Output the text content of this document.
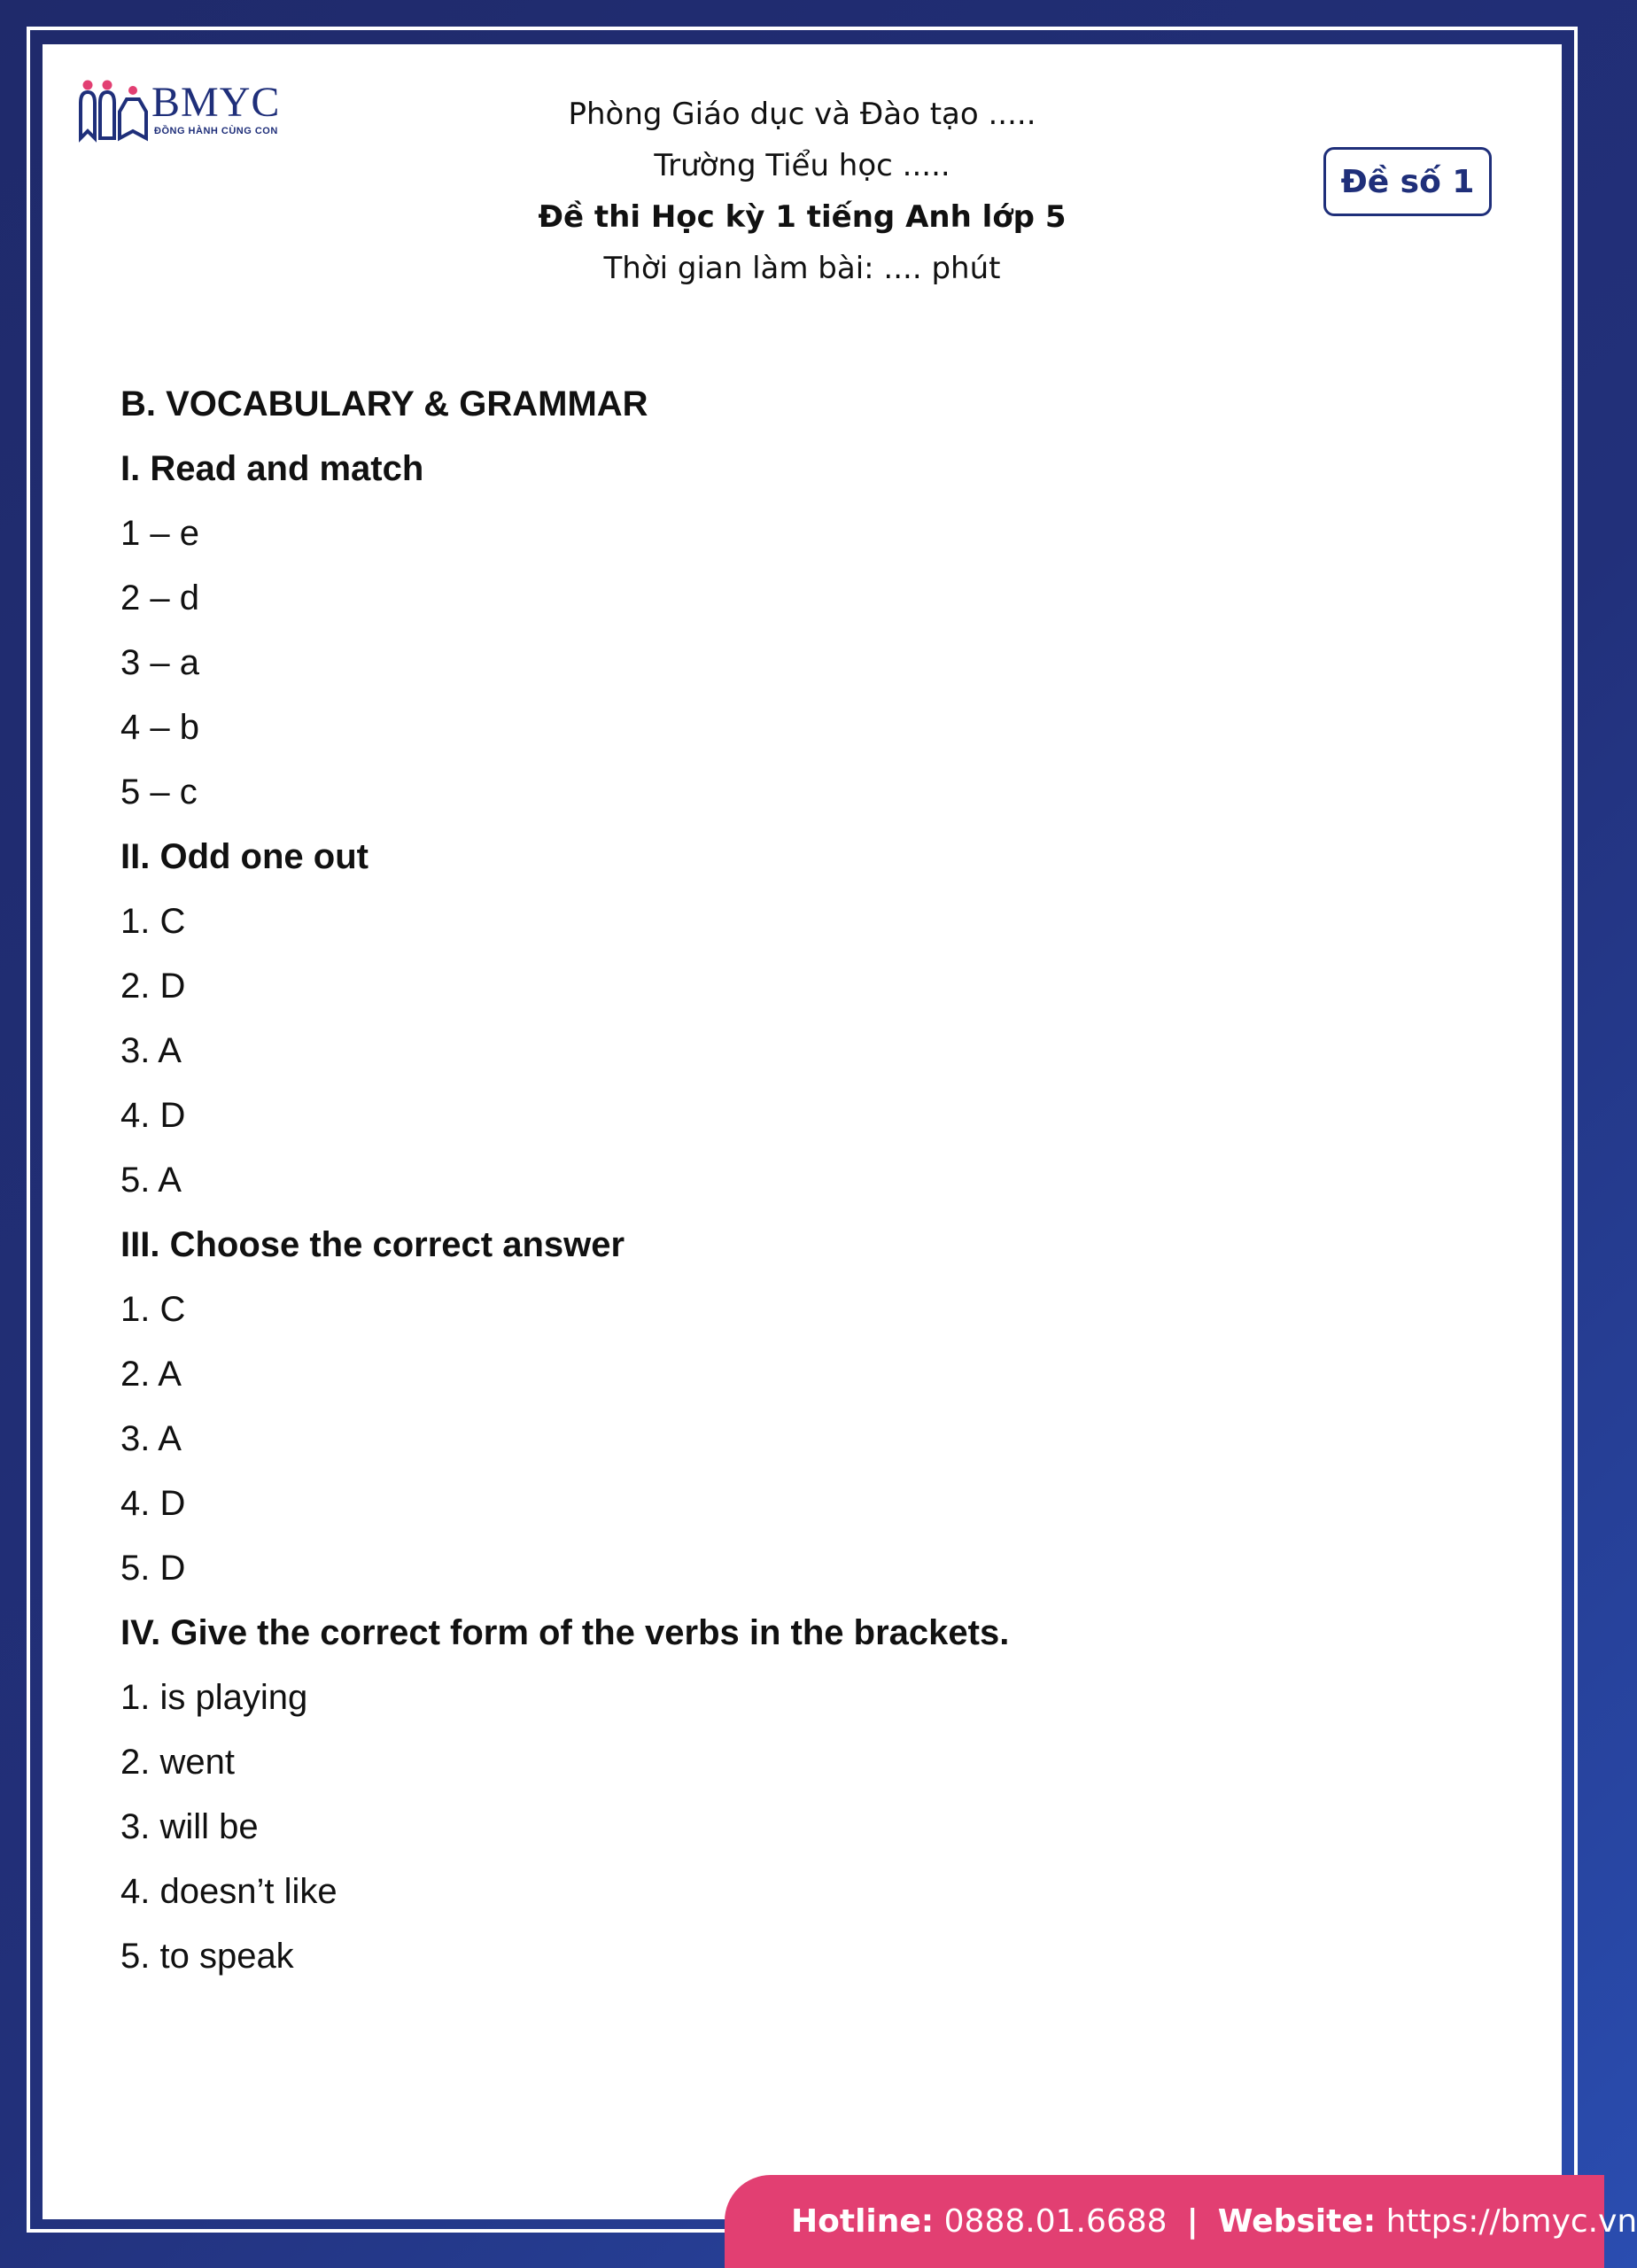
BMYC
ĐỒNG HÀNH CÙNG CON	Phòng Giáo dục và Đào tạo .....
Trường Tiểu học .....
Đề thi Học kỳ 1 tiếng Anh lớp 5
Thời gian làm bài: .... phút
Đề số 1
B. VOCABULARY & GRAMMAR
I. Read and match
1 – e
2 – d
3 – a
4 – b
5 – c
II. Odd one out
1. C
2. D
3. A
4. D
5. A
III. Choose the correct answer
1. C
2. A
3. A
4. D
5. D
IV. Give the correct form of the verbs in the brackets.
1. is playing
2. went
3. will be
4. doesn’t like
5. to speak
Hotline:
0888.01.6688 | Website:
https://bmyc.vn
